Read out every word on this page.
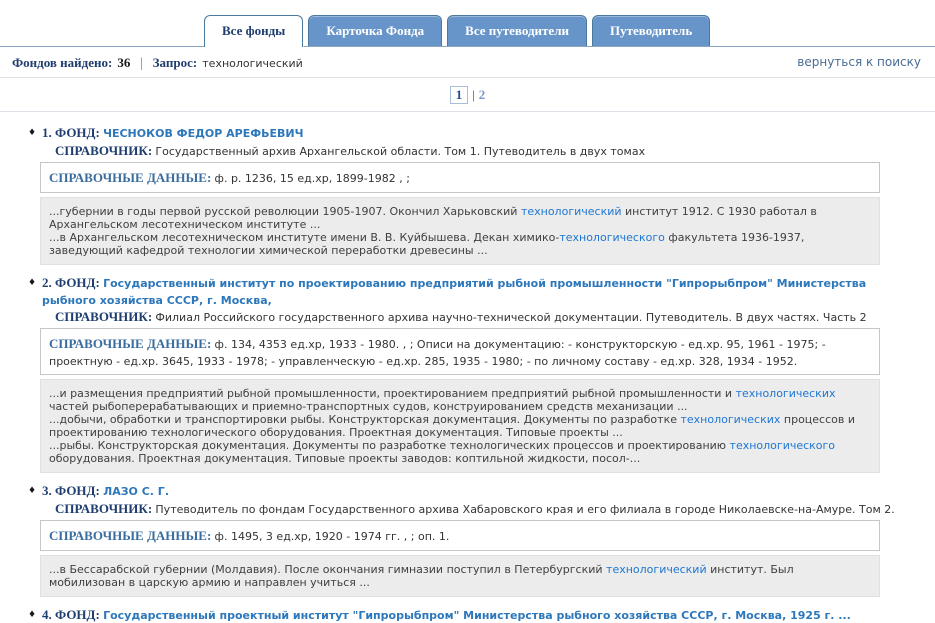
Все фонды	Карточка Фонда	Все путеводители	Путеводитель
Фондов найдено: 36 | Запрос: технологический	вернуться к поиску
1 | 2
♦ 1. ФОНД: ЧЕСНОКОВ ФЕДОР АРЕФЬЕВИЧ
СПРАВОЧНИК: Государственный архив Архангельской области. Том 1. Путеводитель в двух томах
СПРАВОЧНЫЕ ДАННЫЕ: ф. р. 1236, 15 ед.хр, 1899-1982 , ;
...губернии в годы первой русской революции 1905-1907. Окончил Харьковский технологический институт 1912. С 1930 работал в Архангельском лесотехническом институте ...
...в Архангельском лесотехническом институте имени В. В. Куйбышева. Декан химико-технологического факультета 1936-1937, заведующий кафедрой технологии химической переработки древесины ...
♦ 2. ФОНД: Государственный институт по проектированию предприятий рыбной промышленности "Гипрорыбпром" Министерства рыбного хозяйства СССР, г. Москва,
СПРАВОЧНИК: Филиал Российского государственного архива научно-технической документации. Путеводитель. В двух частях. Часть 2
СПРАВОЧНЫЕ ДАННЫЕ: ф. 134, 4353 ед.хр, 1933 - 1980. , ; Описи на документацию: - конструкторскую - ед.хр. 95, 1961 - 1975; - проектную - ед.хр. 3645, 1933 - 1978; - управленческую - ед.хр. 285, 1935 - 1980; - по личному составу - ед.хр. 328, 1934 - 1952.
...и размещения предприятий рыбной промышленности, проектированием предприятий рыбной промышленности и технологических частей рыбоперерабатывающих и приемно-транспортных судов, конструированием средств механизации ...
...добычи, обработки и транспортировки рыбы. Конструкторская документация. Документы по разработке технологических процессов и проектированию технологического оборудования. Проектная документация. Типовые проекты ...
...рыбы. Конструкторская документация. Документы по разработке технологических процессов и проектированию технологического оборудования. Проектная документация. Типовые проекты заводов: коптильной жидкости, посол-...
♦ 3. ФОНД: ЛАЗО С. Г.
СПРАВОЧНИК: Путеводитель по фондам Государственного архива Хабаровского края и его филиала в городе Николаевске-на-Амуре. Том 2.
СПРАВОЧНЫЕ ДАННЫЕ: ф. 1495, 3 ед.хр, 1920 - 1974 гг. , ; оп. 1.
...в Бессарабской губернии (Молдавия). После окончания гимназии поступил в Петербургский технологический институт. Был мобилизован в царскую армию и направлен учиться ...
♦ 4. ФОНД: Государственный проектный институт "Гипрорыбпром" Министерства рыбного хозяйства СССР, г. Москва, 1925 г. ...
